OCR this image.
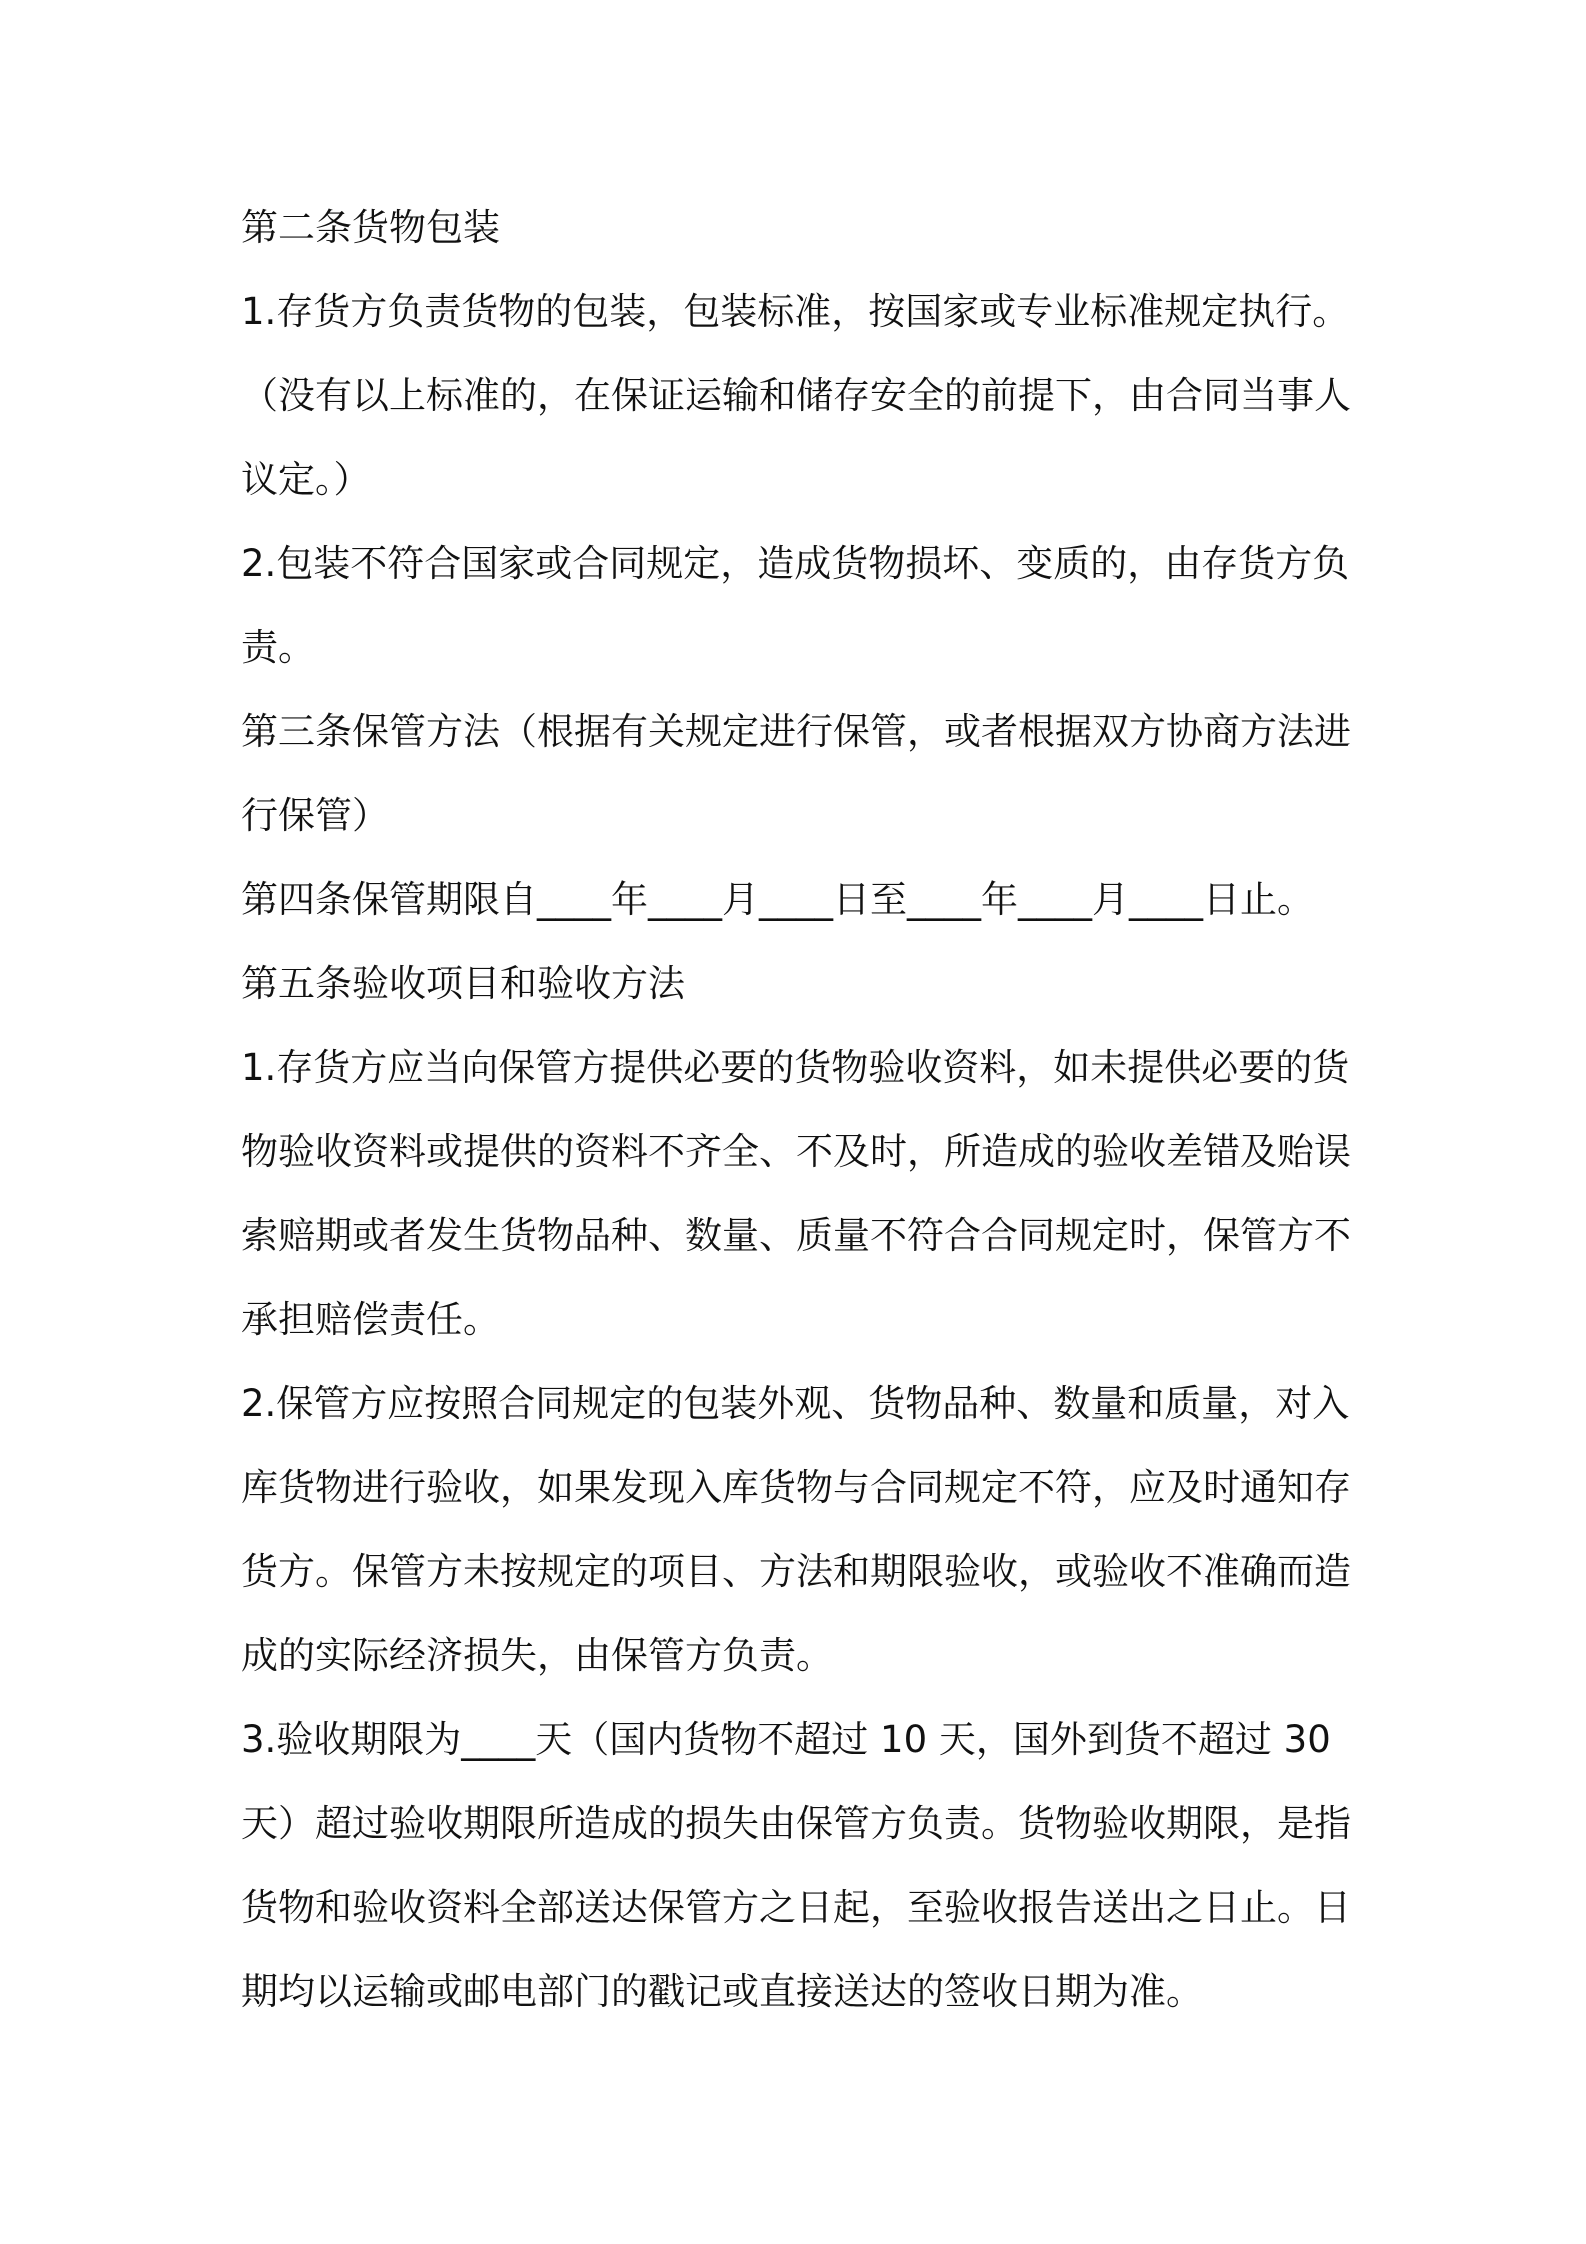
第二条货物包装
1.存货方负责货物的包装，包装标准，按国家或专业标准规定执行。
（没有以上标准的，在保证运输和储存安全的前提下，由合同当事人
议定。）
2.包装不符合国家或合同规定，造成货物损坏、变质的，由存货方负
责。
第三条保管方法（根据有关规定进行保管，或者根据双方协商方法进
行保管）
第四条保管期限自____年____月____日至____年____月____日止。
第五条验收项目和验收方法
1.存货方应当向保管方提供必要的货物验收资料，如未提供必要的货
物验收资料或提供的资料不齐全、不及时，所造成的验收差错及贻误
索赔期或者发生货物品种、数量、质量不符合合同规定时，保管方不
承担赔偿责任。
2.保管方应按照合同规定的包装外观、货物品种、数量和质量，对入
库货物进行验收，如果发现入库货物与合同规定不符，应及时通知存
货方。保管方未按规定的项目、方法和期限验收，或验收不准确而造
成的实际经济损失，由保管方负责。
3.验收期限为____天（国内货物不超过 10 天，国外到货不超过 30
天）超过验收期限所造成的损失由保管方负责。货物验收期限，是指
货物和验收资料全部送达保管方之日起，至验收报告送出之日止。日
期均以运输或邮电部门的戳记或直接送达的签收日期为准。
